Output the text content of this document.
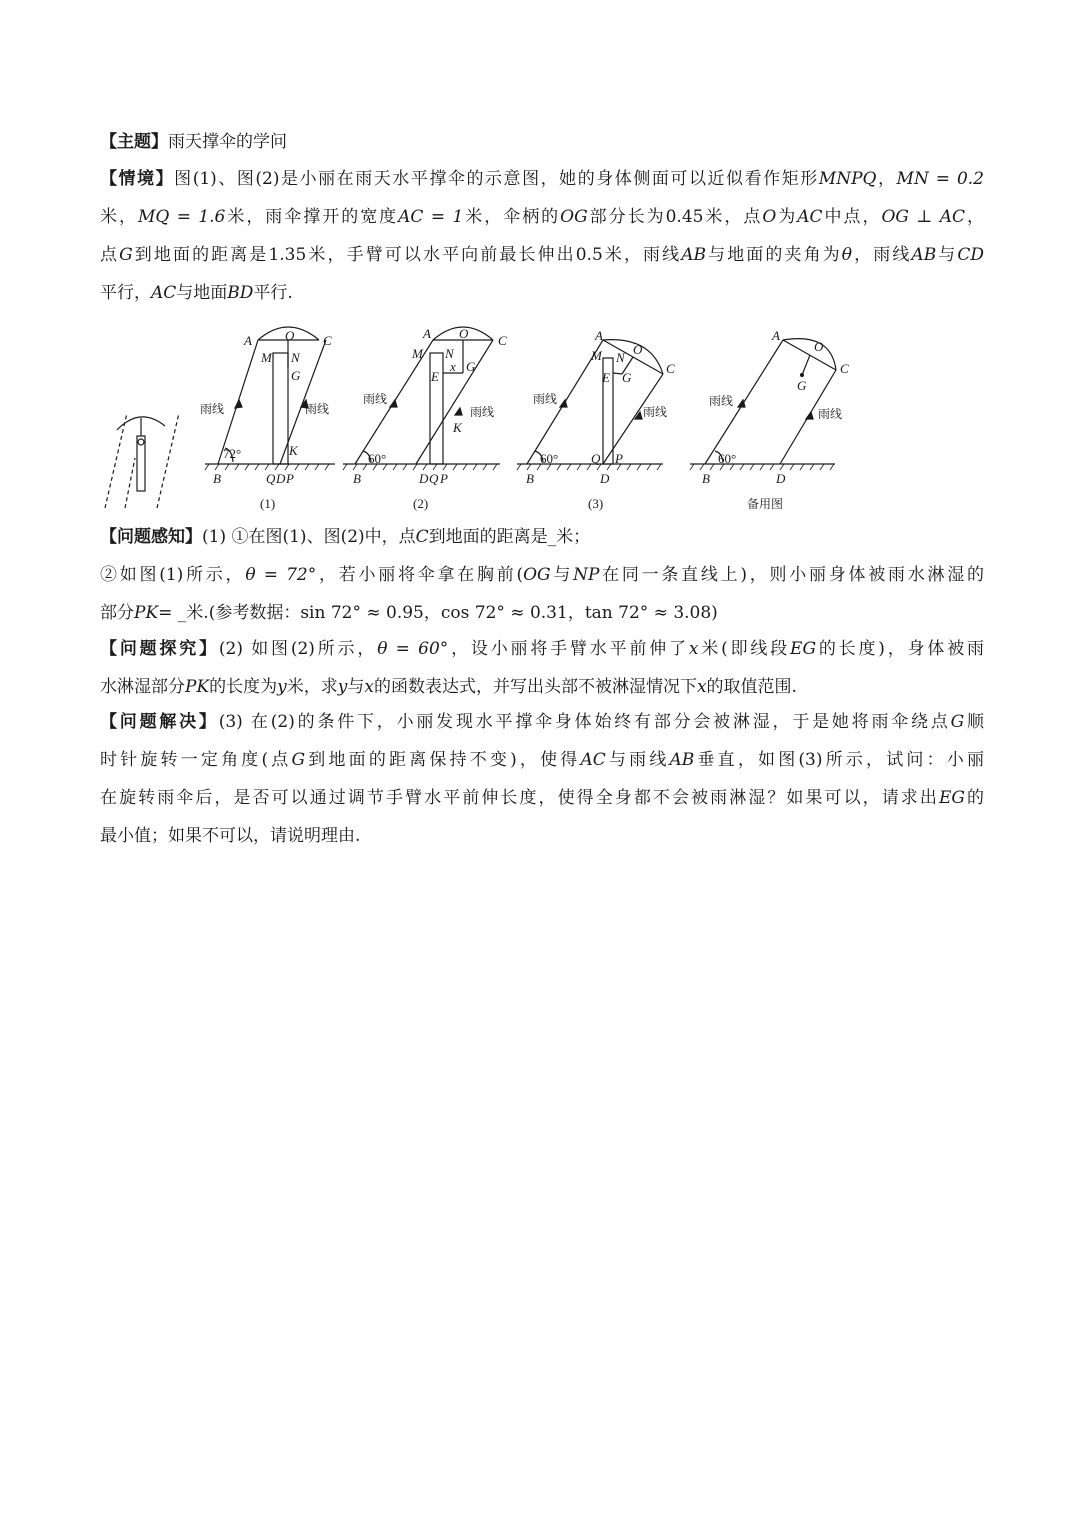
【主题】雨天撑伞的学问

【情境】图(1)、图(2)是小丽在雨天水平撑伞的示意图，她的身体侧面可以近似看作矩形MNPQ，MN = 0.2
米，MQ = 1.6米，雨伞撑开的宽度AC = 1米，伞柄的OG部分长为0.45米，点O为AC中点，OG ⊥ AC，
点G到地面的距离是1.35米，手臂可以水平向前最长伸出0.5米，雨线AB与地面的夹角为θ，雨线AB与CD
平行，AC与地面BD平行.
A	O C
M N
G
K
B	Q D P
72°
雨线	雨线
(1)
A O C
M N
E
x G
K
B	D Q P
60°
雨线
雨线
(2)
A
O
C
M N
E G
B
Q P
D
60°
雨线
雨线
(3)
A
O
C
G
B	D
60°
雨线
雨线
备用图
【问题感知】(1) ①在图(1)、图(2)中，点C到地面的距离是_米；
②如图(1)所示，θ = 72°，若小丽将伞拿在胸前(OG与NP在同一条直线上)，则小丽身体被雨水淋湿的
部分PK= _米.(参考数据：sin 72° ≈ 0.95，cos 72° ≈ 0.31，tan 72° ≈ 3.08)
【问题探究】(2) 如图(2)所示，θ = 60°，设小丽将手臂水平前伸了x米(即线段EG的长度)，身体被雨
水淋湿部分PK的长度为y米，求y与x的函数表达式，并写出头部不被淋湿情况下x的取值范围.
【问题解决】(3) 在(2)的条件下，小丽发现水平撑伞身体始终有部分会被淋湿，于是她将雨伞绕点G顺
时针旋转一定角度(点G到地面的距离保持不变)，使得AC与雨线AB垂直，如图(3)所示，试问：小丽
在旋转雨伞后，是否可以通过调节手臂水平前伸长度，使得全身都不会被雨淋湿？如果可以，请求出EG的
最小值；如果不可以，请说明理由.
